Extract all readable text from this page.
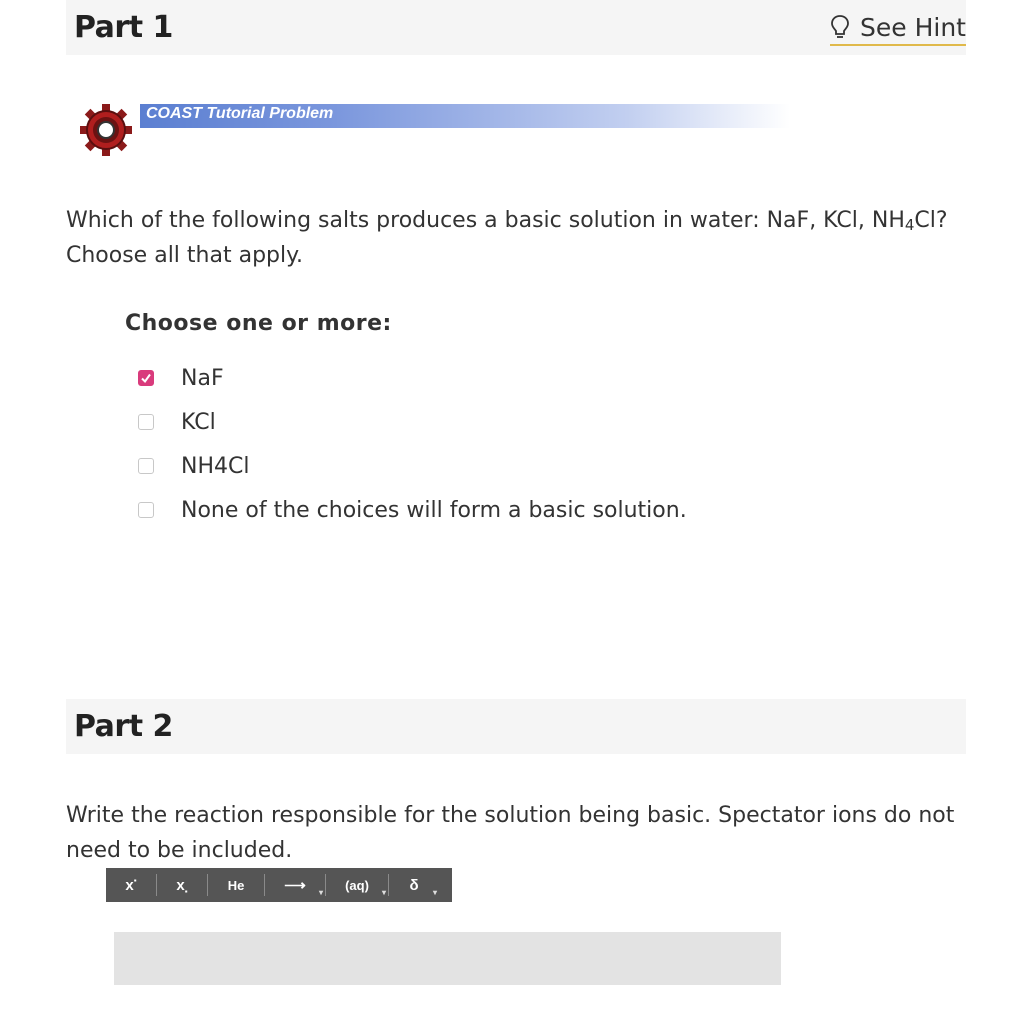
Part 1	See Hint
COAST Tutorial Problem
Which of the following salts produces a basic solution in water: NaF, KCl, $NH_4Cl$?
Choose all that apply.
Choose one or more:
NaF
KCl
NH4Cl
None of the choices will form a basic solution.
Part 2
Write the reaction responsible for the solution being basic. Spectator ions do not need to be included.
x ▪	x ▪	He	⟶ ▾ (aq) ▾ δ ▾
